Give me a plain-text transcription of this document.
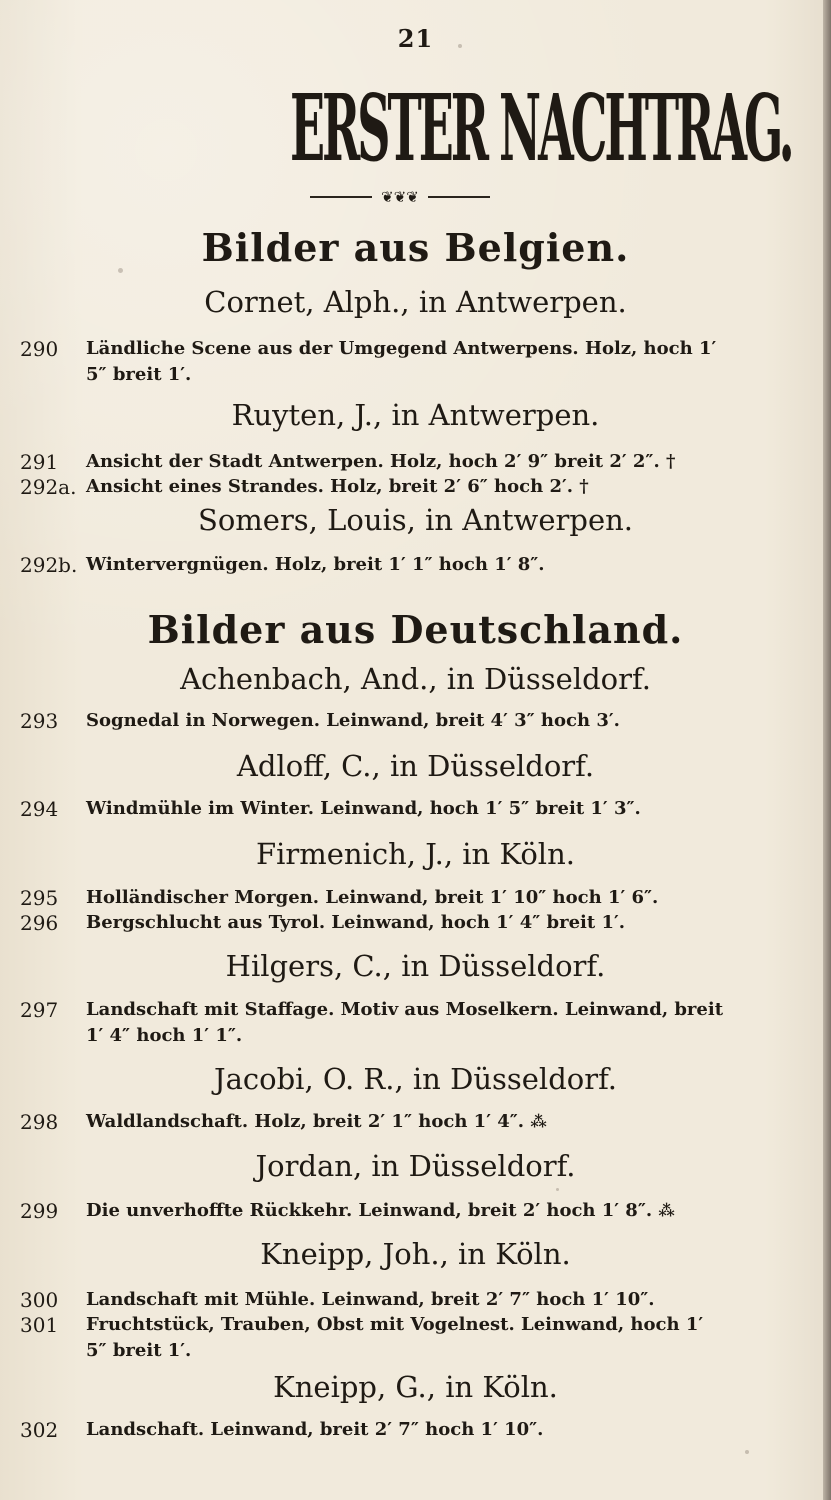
21
ERSTER NACHTRAG.
❦❦❦
Bilder aus Belgien.
Cornet, Alph., in Antwerpen.
290	Ländliche Scene aus der Umgegend Antwerpens. Holz, hoch 1′
5″ breit 1′.
Ruyten, J., in Antwerpen.
291	Ansicht der Stadt Antwerpen. Holz, hoch 2′ 9″ breit 2′ 2″. †
292a. Ansicht eines Strandes. Holz, breit 2′ 6″ hoch 2′. †
Somers, Louis, in Antwerpen.
292b. Wintervergnügen. Holz, breit 1′ 1″ hoch 1′ 8″.
Bilder aus Deutschland.
Achenbach, And., in Düsseldorf.
293	Sognedal in Norwegen. Leinwand, breit 4′ 3″ hoch 3′.
Adloff, C., in Düsseldorf.
294	Windmühle im Winter. Leinwand, hoch 1′ 5″ breit 1′ 3″.
Firmenich, J., in Köln.
295	Holländischer Morgen. Leinwand, breit 1′ 10″ hoch 1′ 6″.
296	Bergschlucht aus Tyrol. Leinwand, hoch 1′ 4″ breit 1′.
Hilgers, C., in Düsseldorf.
297	Landschaft mit Staffage. Motiv aus Moselkern. Leinwand, breit
1′ 4″ hoch 1′ 1″.
Jacobi, O. R., in Düsseldorf.
298	Waldlandschaft. Holz, breit 2′ 1″ hoch 1′ 4″. ⁂
Jordan, in Düsseldorf.
299	Die unverhoffte Rückkehr. Leinwand, breit 2′ hoch 1′ 8″. ⁂
Kneipp, Joh., in Köln.
300	Landschaft mit Mühle. Leinwand, breit 2′ 7″ hoch 1′ 10″.
301	Fruchtstück, Trauben, Obst mit Vogelnest. Leinwand, hoch 1′
5″ breit 1′.
Kneipp, G., in Köln.
302	Landschaft. Leinwand, breit 2′ 7″ hoch 1′ 10″.
